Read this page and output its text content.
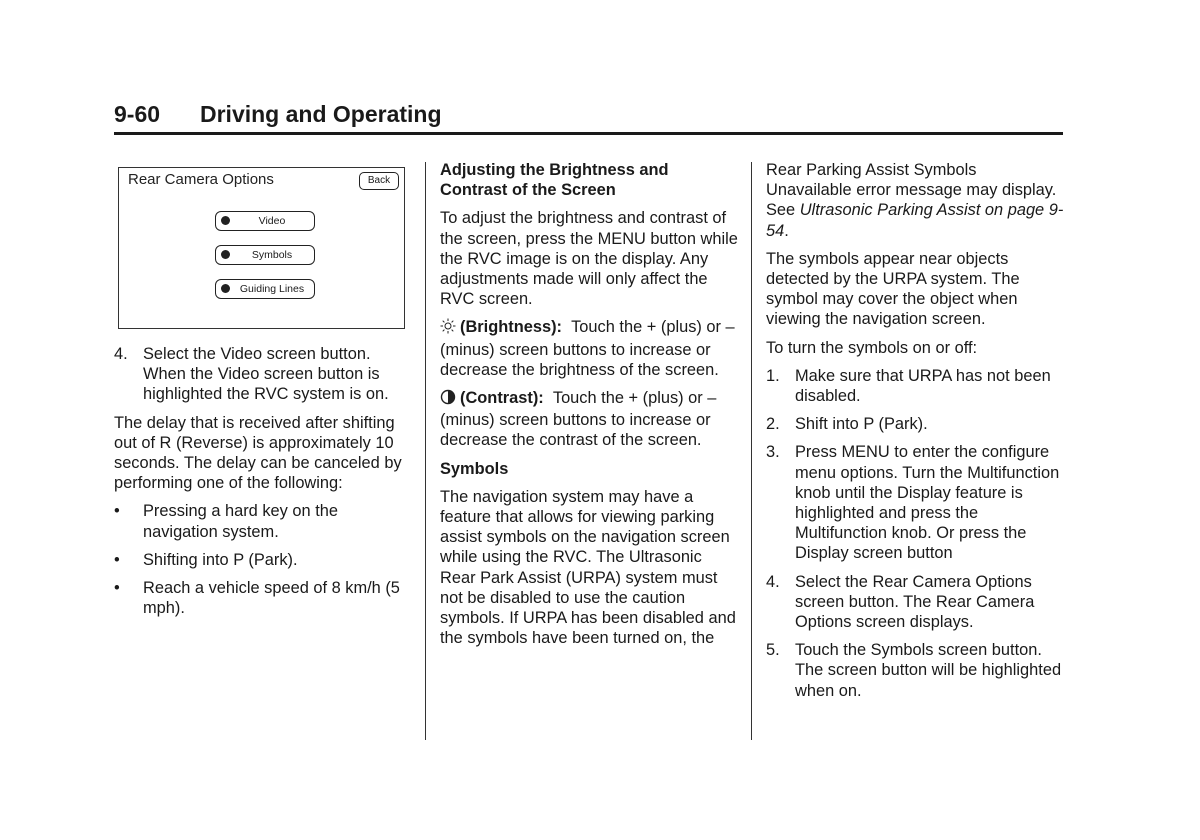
9-60 Driving and Operating
Rear Camera Options	Back
Video
Symbols
Guiding Lines
4. Select the Video screen button. When the Video screen button is highlighted the RVC system is on.

The delay that is received after shifting out of R (Reverse) is approximately 10 seconds. The delay can be canceled by performing one of the following:

• Pressing a hard key on the navigation system.
• Shifting into P (Park).
• Reach a vehicle speed of 8 km/h (5 mph).
Adjusting the Brightness and Contrast of the Screen

To adjust the brightness and contrast of the screen, press the MENU button while the RVC image is on the display. Any adjustments made will only affect the RVC screen.

(Brightness): Touch the + (plus) or – (minus) screen buttons to increase or decrease the brightness of the screen.

(Contrast): Touch the + (plus) or – (minus) screen buttons to increase or decrease the contrast of the screen.

Symbols

The navigation system may have a feature that allows for viewing parking assist symbols on the navigation screen while using the RVC. The Ultrasonic Rear Park Assist (URPA) system must not be disabled to use the caution symbols. If URPA has been disabled and the symbols have been turned on, the

Rear Parking Assist Symbols Unavailable error message may display. See Ultrasonic Parking Assist on page 9-54.

The symbols appear near objects detected by the URPA system. The symbol may cover the object when viewing the navigation screen.

To turn the symbols on or off:

1. Make sure that URPA has not been disabled.
2. Shift into P (Park).
3. Press MENU to enter the configure menu options. Turn the Multifunction knob until the Display feature is highlighted and press the Multifunction knob. Or press the Display screen button
4. Select the Rear Camera Options screen button. The Rear Camera Options screen displays.
5. Touch the Symbols screen button. The screen button will be highlighted when on.
